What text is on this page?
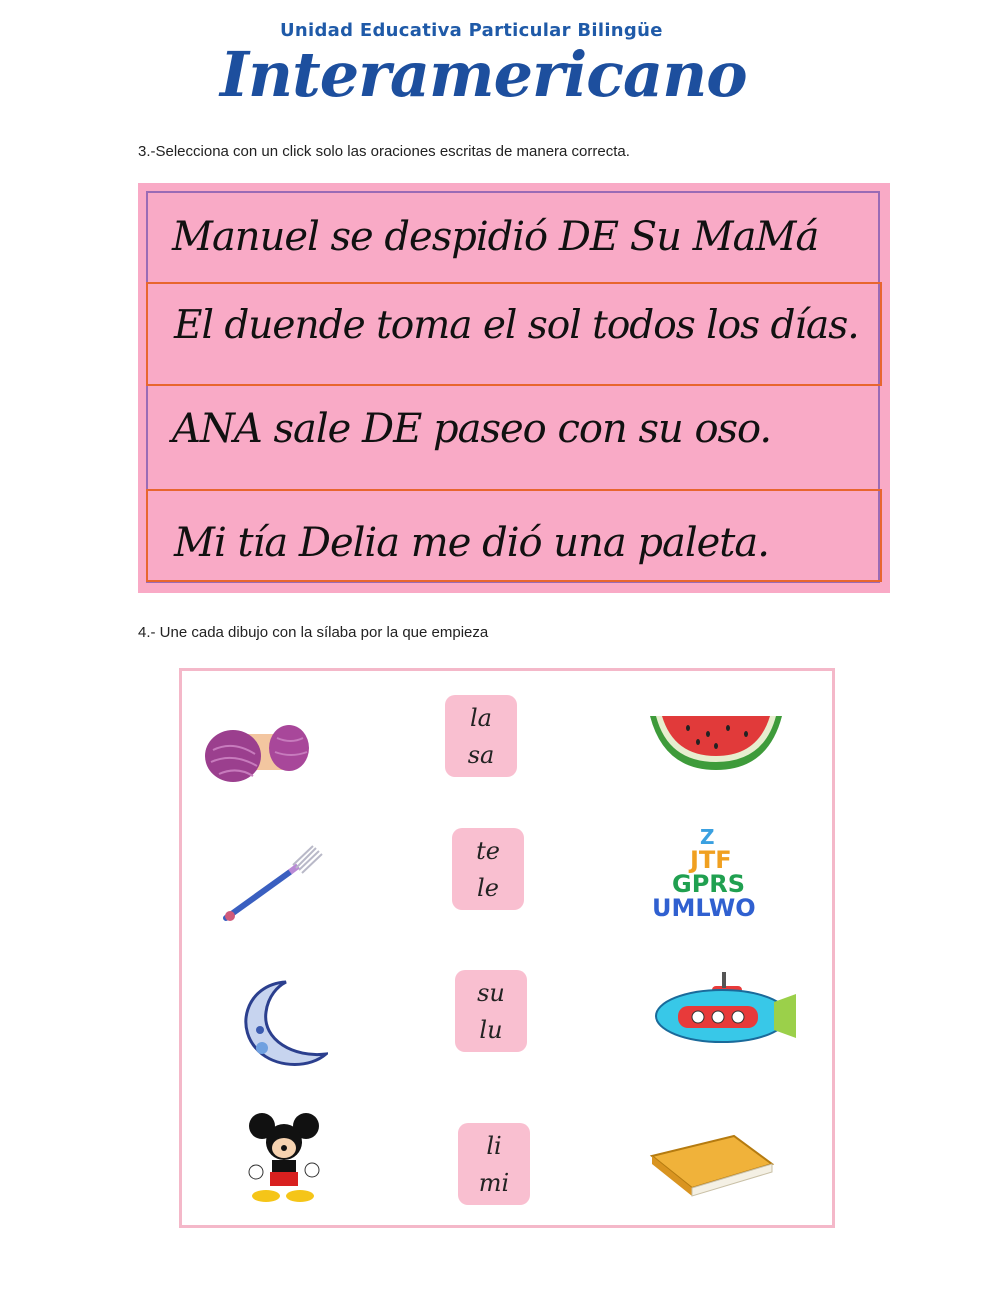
Unidad Educativa Particular Bilingüe
Interamericano
3.-Selecciona con un click solo las oraciones escritas de manera correcta.
Manuel se despidió DE Su MaMá
El duende toma el sol todos los días.
ANA sale DE paseo con su oso.
Mi tía Delia me dió una paleta.
4.- Une cada dibujo con la sílaba por la que empieza
la
sa
te
le
su
lu
li
mi
Z
JTF
GPRS
UMLWO
